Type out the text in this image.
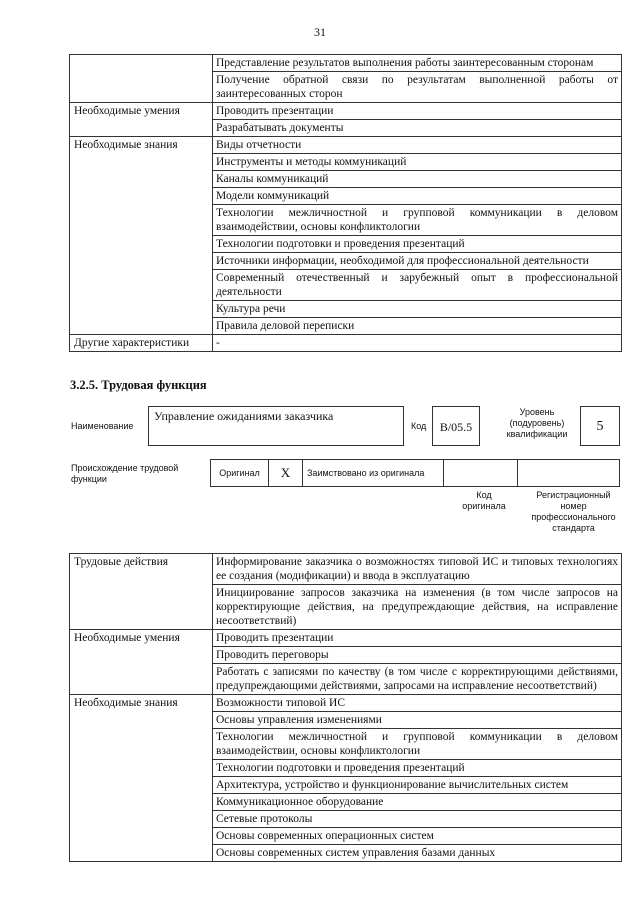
31
	Представление результатов выполнения работы заинтересованным сторонам
	Получение обратной связи по результатам выполненной работы от заинтересованных сторон
Необходимые умения	Проводить презентации
	Разрабатывать документы
Необходимые знания	Виды отчетности
	Инструменты и методы коммуникаций
	Каналы коммуникаций
	Модели коммуникаций
	Технологии межличностной и групповой коммуникации в деловом взаимодействии, основы конфликтологии
	Технологии подготовки и проведения презентаций
	Источники информации, необходимой для профессиональной деятельности
	Современный отечественный и зарубежный опыт в профессиональной деятельности
	Культура речи
	Правила деловой переписки
Другие характеристики	-
3.2.5. Трудовая функция
Наименование
Управление ожиданиями заказчика
Код	B/05.5
Уровень
(подуровень)
квалификации	5
Происхождение трудовой
функции
Оригинал	X	Заимствовано из оригинала
Код
оригинала
Регистрационный
номер
профессионального
стандарта
Трудовые действия	Информирование заказчика о возможностях типовой ИС и типовых технологиях ее создания (модификации) и ввода в эксплуатацию
	Инициирование запросов заказчика на изменения (в том числе запросов на корректирующие действия, на предупреждающие действия, на исправление несоответствий)
Необходимые умения	Проводить презентации
	Проводить переговоры
	Работать с записями по качеству (в том числе с корректирующими действиями, предупреждающими действиями, запросами на исправление несоответствий)
Необходимые знания	Возможности типовой ИС
	Основы управления изменениями
	Технологии межличностной и групповой коммуникации в деловом взаимодействии, основы конфликтологии
	Технологии подготовки и проведения презентаций
	Архитектура, устройство и функционирование вычислительных систем
	Коммуникационное оборудование
	Сетевые протоколы
	Основы современных операционных систем
	Основы современных систем управления базами данных
